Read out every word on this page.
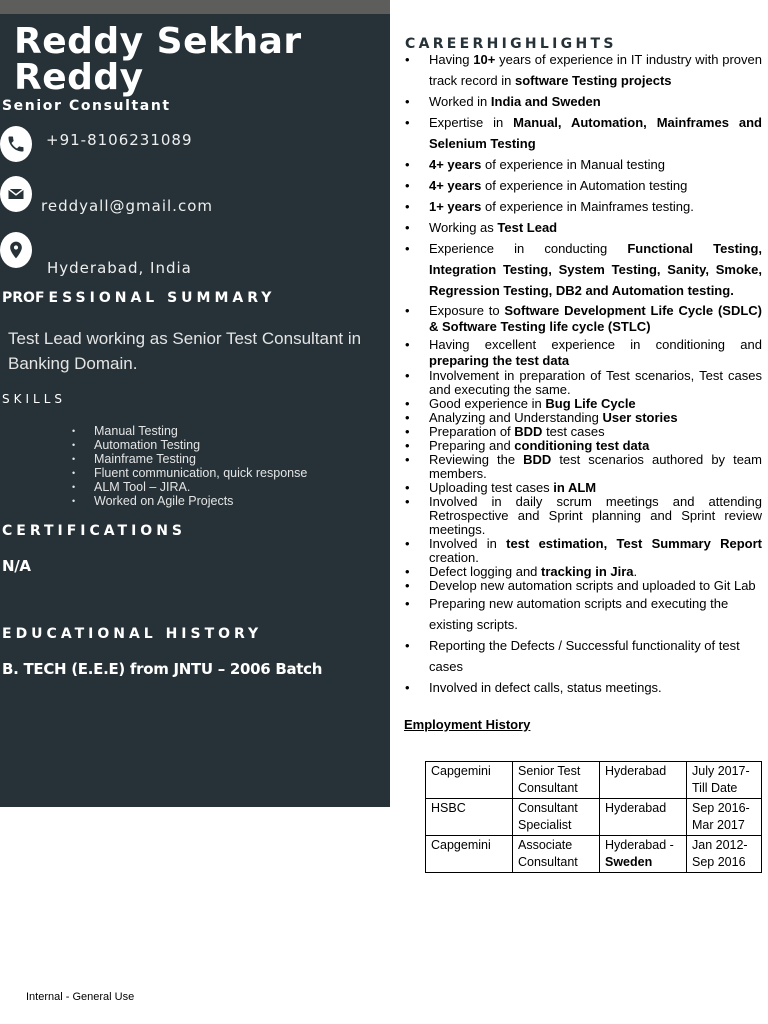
Reddy Sekhar
Reddy
Senior Consultant
+91-8106231089
reddyall@gmail.com
Hyderabad, India
PROFESSIONAL SUMMARY
Test Lead working as Senior Test Consultant in Banking Domain.
SKILLS
• Manual Testing
• Automation Testing
• Mainframe Testing
• Fluent communication, quick response
• ALM Tool – JIRA.
• Worked on Agile Projects
CERTIFICATIONS
N/A
EDUCATIONAL HISTORY
B. TECH (E.E.E) from JNTU – 2006 Batch
CAREERHIGHLIGHTS
• Having 10+ years of experience in IT industry with proven track record in software Testing projects
• Worked in India and Sweden
• Expertise in Manual, Automation, Mainframes and Selenium Testing
• 4+ years of experience in Manual testing
• 4+ years of experience in Automation testing
• 1+ years of experience in Mainframes testing.
• Working as Test Lead
• Experience in conducting Functional Testing, Integration Testing, System Testing, Sanity, Smoke, Regression Testing, DB2 and Automation testing.
• Exposure to Software Development Life Cycle (SDLC) & Software Testing life cycle (STLC)
• Having excellent experience in conditioning and preparing the test data
• Involvement in preparation of Test scenarios, Test cases and executing the same.
• Good experience in Bug Life Cycle
• Analyzing and Understanding User stories
• Preparation of BDD test cases
• Preparing and conditioning test data
• Reviewing the BDD test scenarios authored by team members.
• Uploading test cases in ALM
• Involved in daily scrum meetings and attending Retrospective and Sprint planning and Sprint review meetings.
• Involved in test estimation, Test Summary Report creation.
• Defect logging and tracking in Jira.
• Develop new automation scripts and uploaded to Git Lab
• Preparing new automation scripts and executing the existing scripts.
• Reporting the Defects / Successful functionality of test cases
• Involved in defect calls, status meetings.
Employment History
Capgemini	Senior Test Consultant	Hyderabad	July 2017- Till Date
HSBC	Consultant Specialist	Hyderabad	Sep 2016- Mar 2017
Capgemini	Associate Consultant	Hyderabad - Sweden	Jan 2012- Sep 2016
Internal - General Use
